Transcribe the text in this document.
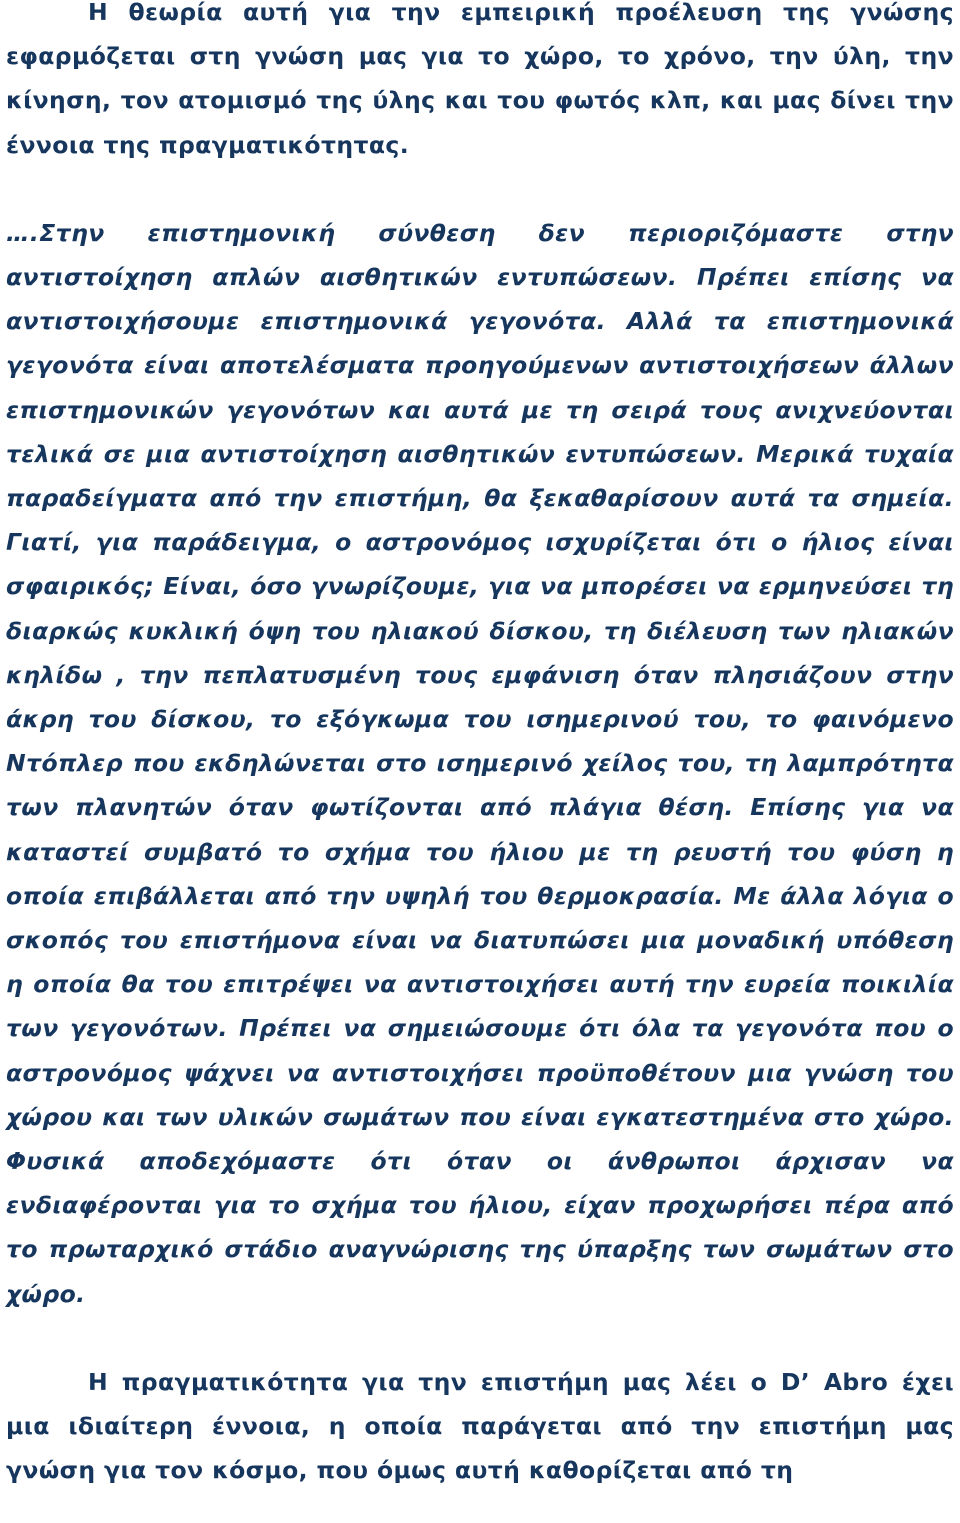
Η θεωρία αυτή για την εμπειρική προέλευση της γνώσης εφαρμόζεται στη γνώση μας για το χώρο, το χρόνο, την ύλη, την κίνηση, τον ατομισμό της ύλης και του φωτός κλπ, και μας δίνει την έννοια της πραγματικότητας.

….Στην επιστημονική σύνθεση δεν περιοριζόμαστε στην αντιστοίχηση απλών αισθητικών εντυπώσεων. Πρέπει επίσης να αντιστοιχήσουμε επιστημονικά γεγονότα. Αλλά τα επιστημονικά γεγονότα είναι αποτελέσματα προηγούμενων αντιστοιχήσεων άλλων επιστημονικών γεγονότων και αυτά με τη σειρά τους ανιχνεύονται τελικά σε μια αντιστοίχηση αισθητικών εντυπώσεων. Μερικά τυχαία παραδείγματα από την επιστήμη, θα ξεκαθαρίσουν αυτά τα σημεία. Γιατί, για παράδειγμα, ο αστρονόμος ισχυρίζεται ότι ο ήλιος είναι σφαιρικός; Είναι, όσο γνωρίζουμε, για να μπορέσει να ερμηνεύσει τη διαρκώς κυκλική όψη του ηλιακού δίσκου, τη διέλευση των ηλιακών κηλίδω , την πεπλατυσμένη τους εμφάνιση όταν πλησιάζουν στην άκρη του δίσκου, το εξόγκωμα του ισημερινού του, το φαινόμενο Ντόπλερ που εκδηλώνεται στο ισημερινό χείλος του, τη λαμπρότητα των πλανητών όταν φωτίζονται από πλάγια θέση. Επίσης για να καταστεί συμβατό το σχήμα του ήλιου με τη ρευστή του φύση η οποία επιβάλλεται από την υψηλή του θερμοκρασία. Με άλλα λόγια ο σκοπός του επιστήμονα είναι να διατυπώσει μια μοναδική υπόθεση η οποία θα του επιτρέψει να αντιστοιχήσει αυτή την ευρεία ποικιλία των γεγονότων. Πρέπει να σημειώσουμε ότι όλα τα γεγονότα που ο αστρονόμος ψάχνει να αντιστοιχήσει προϋποθέτουν μια γνώση του χώρου και των υλικών σωμάτων που είναι εγκατεστημένα στο χώρο. Φυσικά αποδεχόμαστε ότι όταν οι άνθρωποι άρχισαν να ενδιαφέρονται για το σχήμα του ήλιου, είχαν προχωρήσει πέρα από το πρωταρχικό στάδιο αναγνώρισης της ύπαρξης των σωμάτων στο χώρο.

Η πραγματικότητα για την επιστήμη μας λέει ο D’ Abro έχει μια ιδιαίτερη έννοια, η οποία παράγεται από την επιστήμη μας γνώση για τον κόσμο, που όμως αυτή καθορίζεται από τη
